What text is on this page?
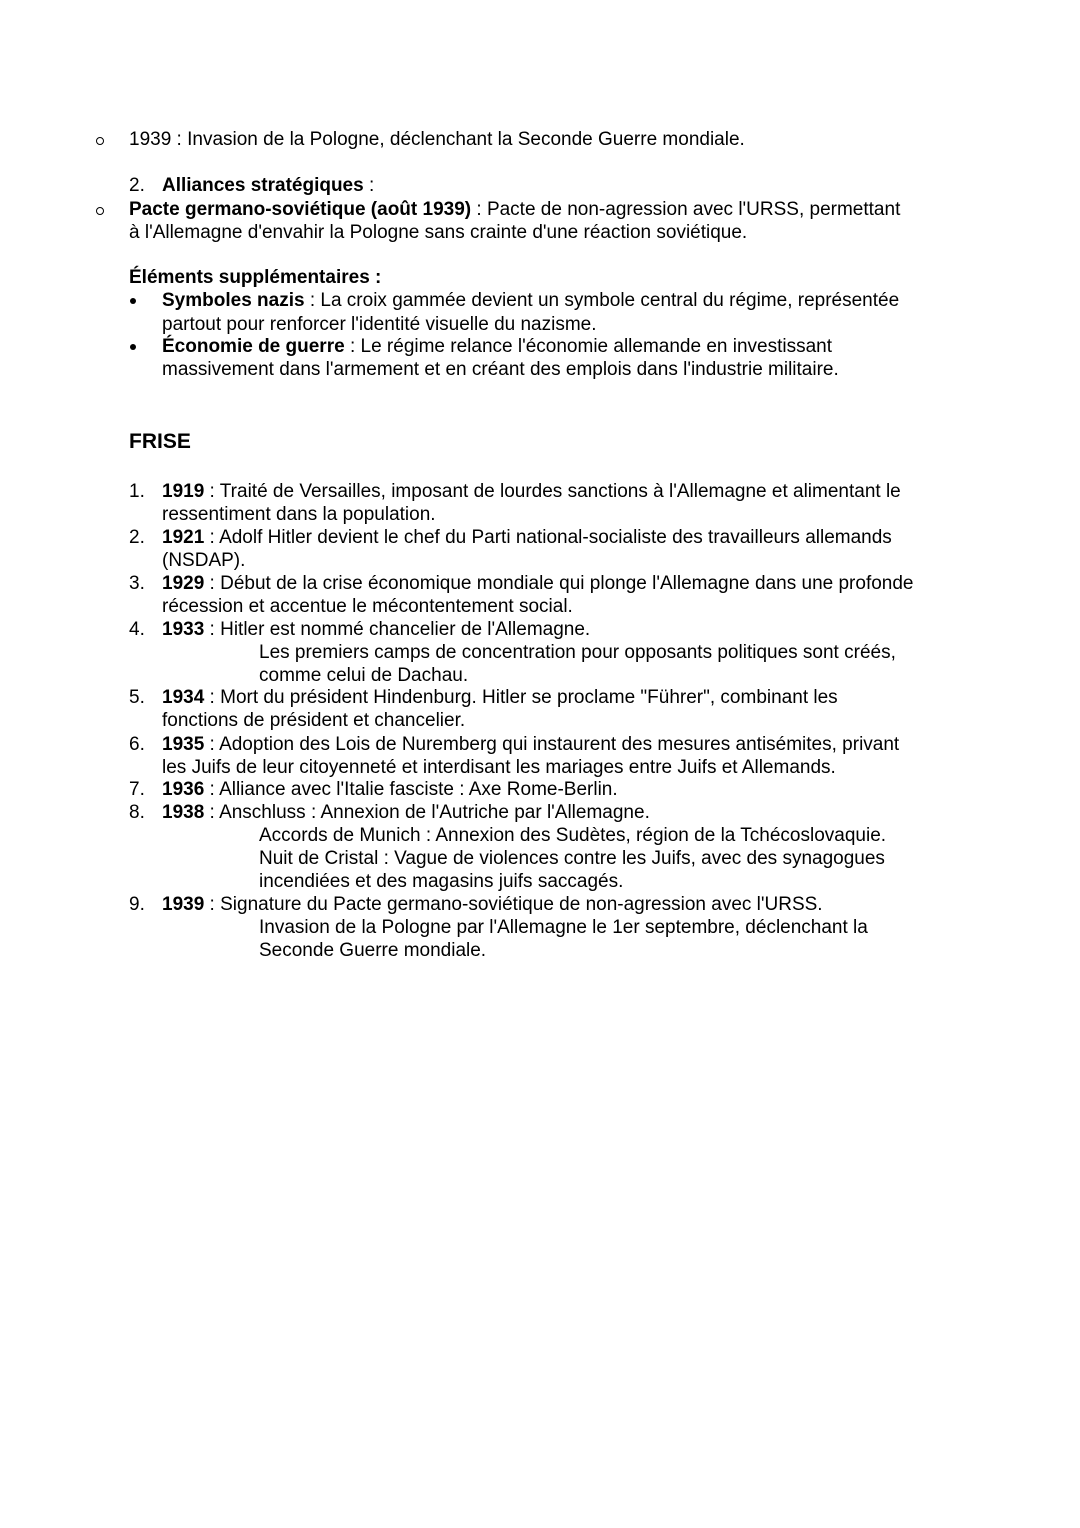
1939 : Invasion de la Pologne, déclenchant la Seconde Guerre mondiale.
2. Alliances stratégiques :
Pacte germano-soviétique (août 1939) : Pacte de non-agression avec l'URSS, permettant
à l'Allemagne d'envahir la Pologne sans crainte d'une réaction soviétique.
Éléments supplémentaires :
Symboles nazis : La croix gammée devient un symbole central du régime, représentée
partout pour renforcer l'identité visuelle du nazisme.
Économie de guerre : Le régime relance l'économie allemande en investissant
massivement dans l'armement et en créant des emplois dans l'industrie militaire.
FRISE
1. 1919 : Traité de Versailles, imposant de lourdes sanctions à l'Allemagne et alimentant le
ressentiment dans la population.
2. 1921 : Adolf Hitler devient le chef du Parti national-socialiste des travailleurs allemands
(NSDAP).
3. 1929 : Début de la crise économique mondiale qui plonge l'Allemagne dans une profonde
récession et accentue le mécontentement social.
4. 1933 : Hitler est nommé chancelier de l'Allemagne.
Les premiers camps de concentration pour opposants politiques sont créés,
comme celui de Dachau.
5. 1934 : Mort du président Hindenburg. Hitler se proclame "Führer", combinant les
fonctions de président et chancelier.
6. 1935 : Adoption des Lois de Nuremberg qui instaurent des mesures antisémites, privant
les Juifs de leur citoyenneté et interdisant les mariages entre Juifs et Allemands.
7. 1936 : Alliance avec l'Italie fasciste : Axe Rome-Berlin.
8. 1938 : Anschluss : Annexion de l'Autriche par l'Allemagne.
Accords de Munich : Annexion des Sudètes, région de la Tchécoslovaquie.
Nuit de Cristal : Vague de violences contre les Juifs, avec des synagogues
incendiées et des magasins juifs saccagés.
9. 1939 : Signature du Pacte germano-soviétique de non-agression avec l'URSS.
Invasion de la Pologne par l'Allemagne le 1er septembre, déclenchant la
Seconde Guerre mondiale.
